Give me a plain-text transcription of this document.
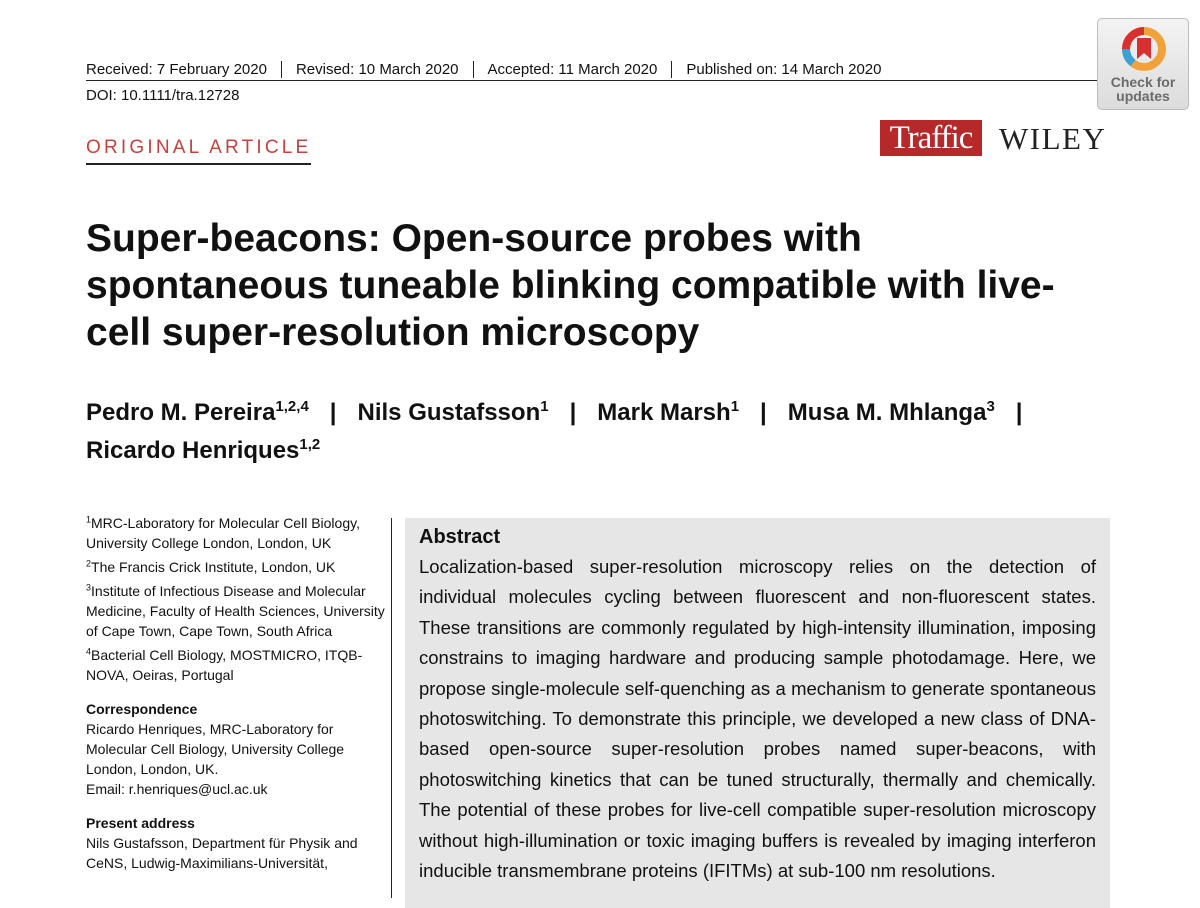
Received: 7 February 2020	Revised: 10 March 2020	Accepted: 11 March 2020	Published on: 14 March 2020
DOI: 10.1111/tra.12728
Check for
updates
ORIGINAL ARTICLE	Traffic WILEY
Super-beacons: Open-source probes with spontaneous tuneable blinking compatible with live-cell super-resolution microscopy
Pedro M. Pereira$^{1,2,4}$ | Nils Gustafsson$^1$ | Mark Marsh$^1$ | Musa M. Mhlanga$^3$ |
Ricardo Henriques$^{1,2}$
$^1$MRC-Laboratory for Molecular Cell Biology, University College London, London, UK
$^2$The Francis Crick Institute, London, UK
$^3$Institute of Infectious Disease and Molecular Medicine, Faculty of Health Sciences, University of Cape Town, Cape Town, South Africa
$^4$Bacterial Cell Biology, MOSTMICRO, ITQB-NOVA, Oeiras, Portugal
Correspondence
Ricardo Henriques, MRC-Laboratory for Molecular Cell Biology, University College London, London, UK.
Email: r.henriques@ucl.ac.uk
Present address
Nils Gustafsson, Department für Physik and CeNS, Ludwig-Maximilians-Universität,
Abstract

Localization-based super-resolution microscopy relies on the detection of individual molecules cycling between fluorescent and non-fluorescent states. These transitions are commonly regulated by high-intensity illumination, imposing constrains to imaging hardware and producing sample photodamage. Here, we propose single-molecule self-quenching as a mechanism to generate spontaneous photoswitching. To demonstrate this principle, we developed a new class of DNA-based open-source super-resolution probes named super-beacons, with photoswitching kinetics that can be tuned structurally, thermally and chemically. The potential of these probes for live-cell compatible super-resolution microscopy without high-illumination or toxic imaging buffers is revealed by imaging interferon inducible transmembrane proteins (IFITMs) at sub-100 nm resolutions.
